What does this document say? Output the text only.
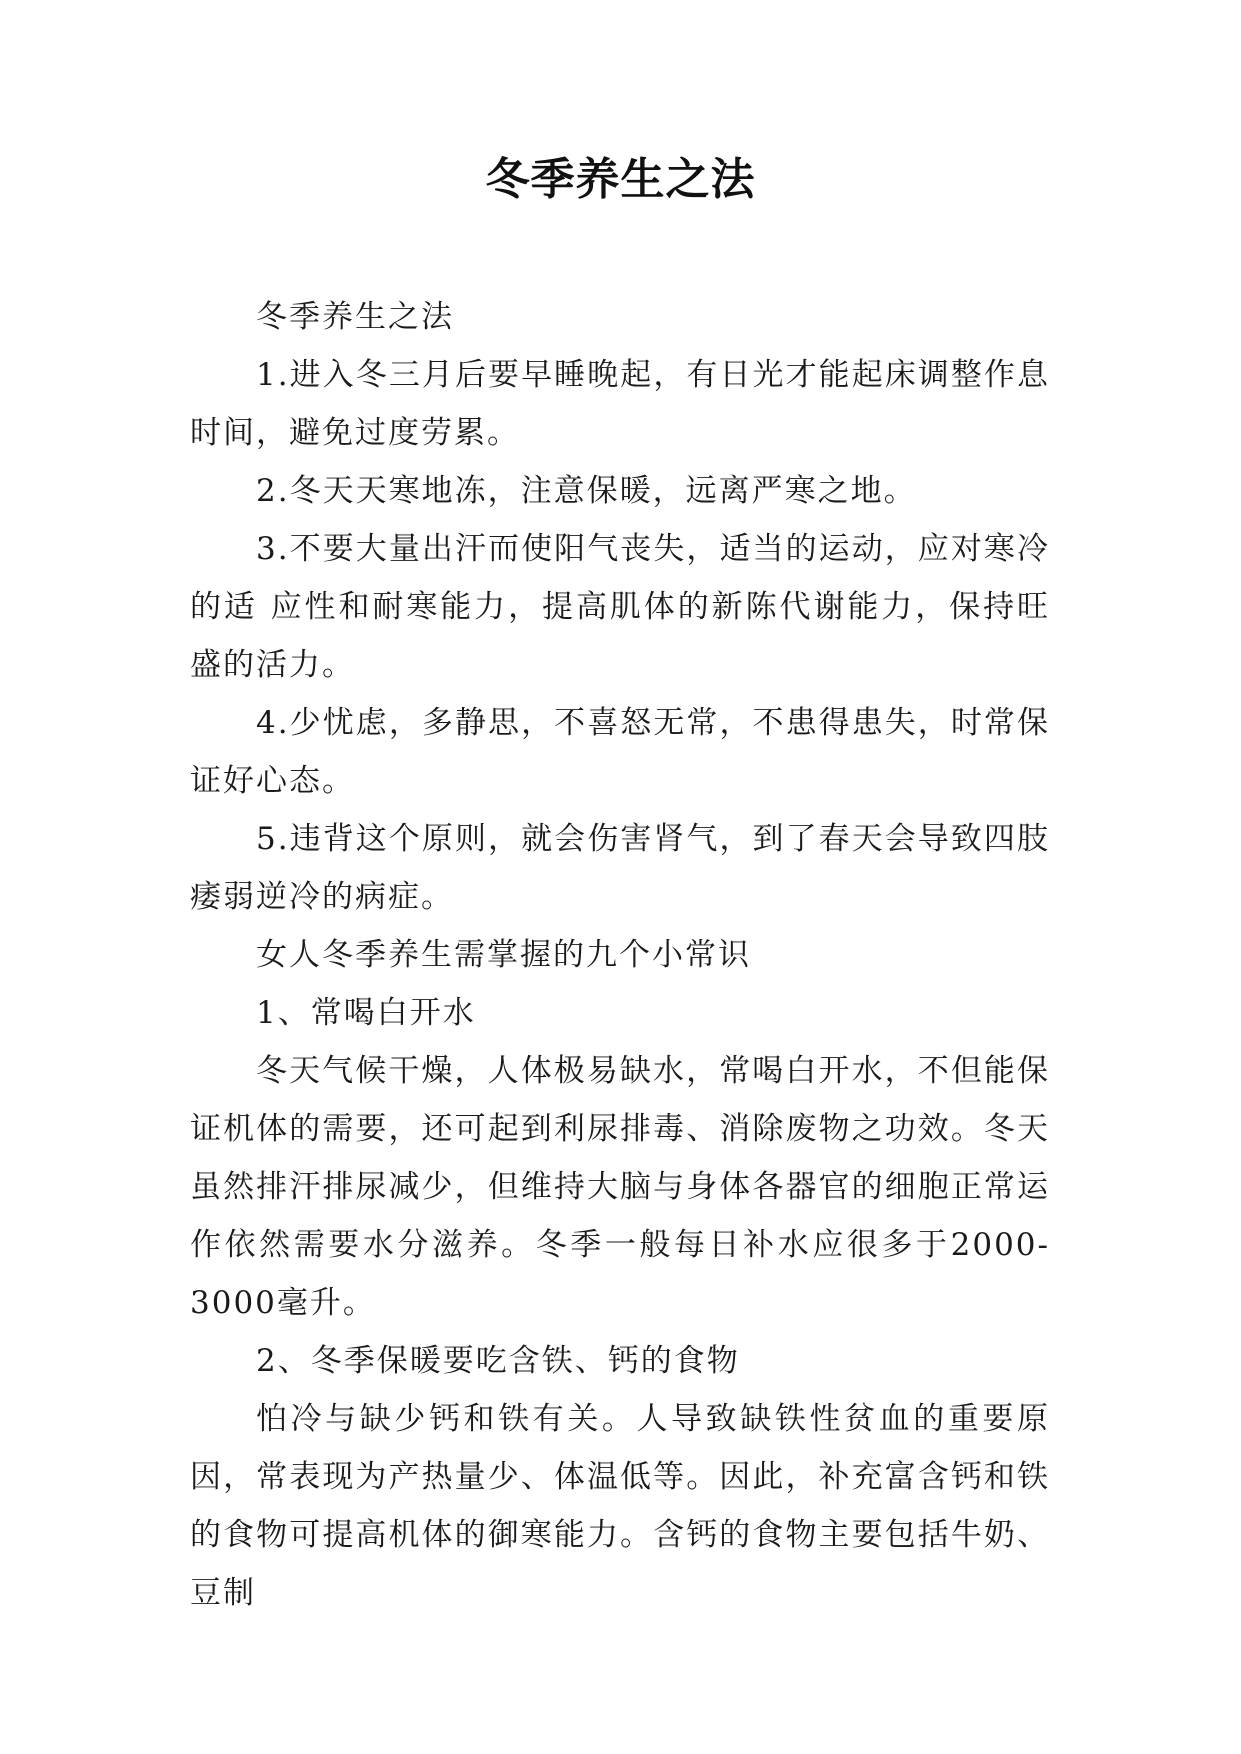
冬季养生之法

冬季养生之法

1.进入冬三月后要早睡晚起，有日光才能起床调整作息时间，避免过度劳累。

2.冬天天寒地冻，注意保暖，远离严寒之地。

3.不要大量出汗而使阳气丧失，适当的运动，应对寒冷的适 应性和耐寒能力，提高肌体的新陈代谢能力，保持旺盛的活力。

4.少忧虑，多静思，不喜怒无常，不患得患失，时常保证好心态。

5.违背这个原则，就会伤害肾气，到了春天会导致四肢痿弱逆冷的病症。

女人冬季养生需掌握的九个小常识

1、常喝白开水

冬天气候干燥，人体极易缺水，常喝白开水，不但能保证机体的需要，还可起到利尿排毒、消除废物之功效。冬天虽然排汗排尿减少，但维持大脑与身体各器官的细胞正常运作依然需要水分滋养。冬季一般每日补水应很多于2000-3000毫升。

2、冬季保暖要吃含铁、钙的食物

怕冷与缺少钙和铁有关。人导致缺铁性贫血的重要原因，常表现为产热量少、体温低等。因此，补充富含钙和铁的食物可提高机体的御寒能力。含钙的食物主要包括牛奶、豆制
